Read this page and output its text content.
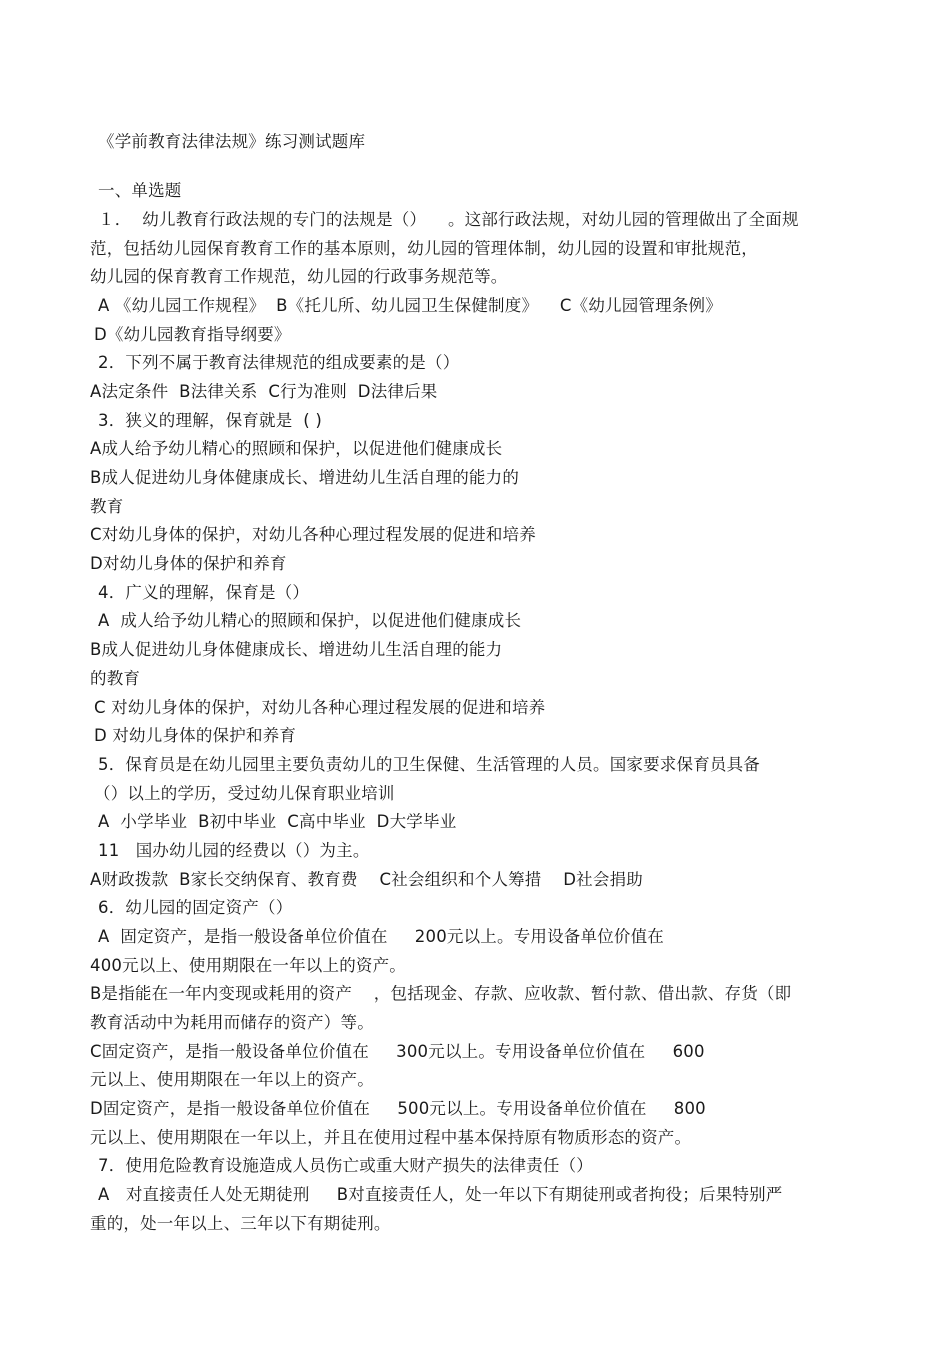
《学前教育法律法规》练习测试题库
一、单选题
１．  幼儿教育行政法规的专门的法规是（）    。这部行政法规，对幼儿园的管理做出了全面规
范，包括幼儿园保育教育工作的基本原则，幼儿园的管理体制，幼儿园的设置和审批规范，
幼儿园的保育教育工作规范，幼儿园的行政事务规范等。
A 《幼儿园工作规程》  B《托儿所、幼儿园卫生保健制度》    C《幼儿园管理条例》
D《幼儿园教育指导纲要》
2．下列不属于教育法律规范的组成要素的是（）
A法定条件  B法律关系  C行为准则  D法律后果
3．狭义的理解，保育就是  ( )
A成人给予幼儿精心的照顾和保护，以促进他们健康成长
B成人促进幼儿身体健康成长、增进幼儿生活自理的能力的
教育
C对幼儿身体的保护，对幼儿各种心理过程发展的促进和培养
D对幼儿身体的保护和养育
4．广义的理解，保育是（）
A  成人给予幼儿精心的照顾和保护，以促进他们健康成长
B成人促进幼儿身体健康成长、增进幼儿生活自理的能力
的教育
C 对幼儿身体的保护，对幼儿各种心理过程发展的促进和培养
D 对幼儿身体的保护和养育
5．保育员是在幼儿园里主要负责幼儿的卫生保健、生活管理的人员。国家要求保育员具备
（）以上的学历，受过幼儿保育职业培训
A  小学毕业  B初中毕业  C高中毕业  D大学毕业
11   国办幼儿园的经费以（）为主。
A财政拨款  B家长交纳保育、教育费    C社会组织和个人筹措    D社会捐助
6．幼儿园的固定资产（）
A  固定资产，是指一般设备单位价值在     200元以上。专用设备单位价值在
400元以上、使用期限在一年以上的资产。
B是指能在一年内变现或耗用的资产    ，包括现金、存款、应收款、暂付款、借出款、存货（即
教育活动中为耗用而储存的资产）等。
C固定资产，是指一般设备单位价值在     300元以上。专用设备单位价值在     600
元以上、使用期限在一年以上的资产。
D固定资产，是指一般设备单位价值在     500元以上。专用设备单位价值在     800
元以上、使用期限在一年以上，并且在使用过程中基本保持原有物质形态的资产。
7．使用危险教育设施造成人员伤亡或重大财产损失的法律责任（）
A   对直接责任人处无期徒刑     B对直接责任人，处一年以下有期徒刑或者拘役；后果特别严
重的，处一年以上、三年以下有期徒刑。
